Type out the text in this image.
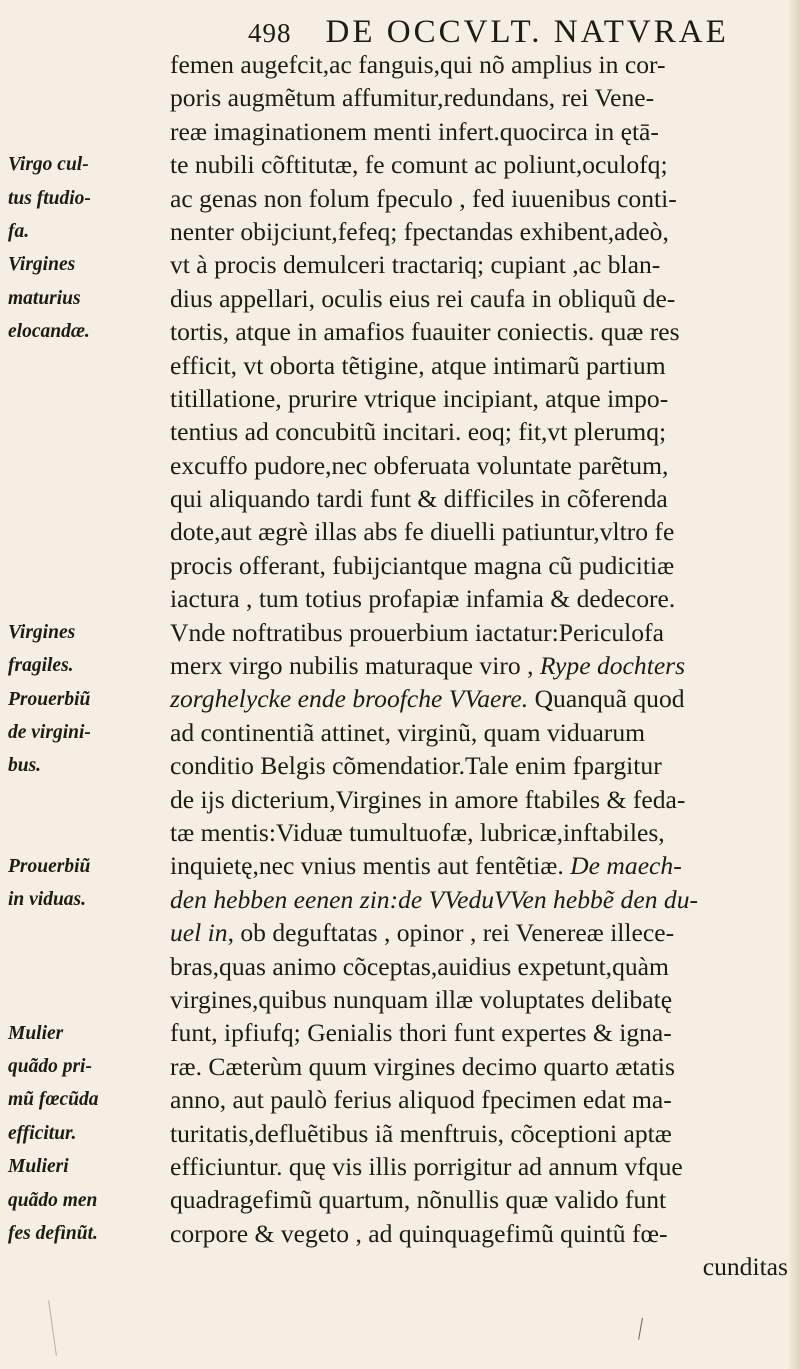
498 DE OCCVLT. NATVRAE
Virgo cul-
tus ftudio-
fa.
Virgines
maturius
elocandæ.
Virgines
fragiles.
Prouerbiũ
de virgini-
bus.
Prouerbiũ
in viduas.
Mulier
quãdo pri-
mũ fœcũda
efficitur.
Mulieri
quãdo men
fes defìnũt.
femen augefcit,ac fanguis,qui nõ amplius in cor-
poris augmẽtum affumitur,redundans, rei Vene-
reæ imaginationem menti infert.quocirca in ętā-
te nubili cõftitutæ, fe comunt ac poliunt,oculofq;
ac genas non folum fpeculo , fed iuuenibus conti-
nenter obijciunt,fefeq; fpectandas exhibent,adeò,
vt à procis demulceri tractariq; cupiant ,ac blan-
dius appellari, oculis eius rei caufa in obliquũ de-
tortis, atque in amafios fuauiter coniectis. quæ res
efficit, vt oborta tẽtigine, atque intimarũ partium
titillatione, prurire vtrique incipiant, atque impo-
tentius ad concubitũ incitari. eoq; fit,vt plerumq;
excuffo pudore,nec obferuata voluntate parẽtum,
qui aliquando tardi funt & difficiles in cõferenda
dote,aut ægrè illas abs fe diuelli patiuntur,vltro fe
procis offerant, fubijciantque magna cũ pudicitiæ
iactura , tum totius profapiæ infamia & dedecore.
Vnde noftratibus prouerbium iactatur:Periculofa
merx virgo nubilis maturaque viro , Rype dochters
zorghelycke ende broofche VVaere. Quanquã quod
ad continentiã attinet, virginũ, quam viduarum
conditio Belgis cõmendatior.Tale enim fpargitur
de ijs dicterium,Virgines in amore ftabiles & feda-
tæ mentis:Viduæ tumultuofæ, lubricæ,inftabiles,
inquietę,nec vnius mentis aut fentẽtiæ. De maech-
den hebben eenen zin:de VVeduVVen hebbẽ den du-
uel in, ob deguftatas , opinor , rei Venereæ illece-
bras,quas animo cõceptas,auidius expetunt,quàm
virgines,quibus nunquam illæ voluptates delibatę
funt, ipfiufq; Genialis thori funt expertes & igna-
ræ. Cæterùm quum virgines decimo quarto ætatis
anno, aut paulò ferius aliquod fpecimen edat ma-
turitatis,defluẽtibus iã menftruis, cõceptioni aptæ
efficiuntur. quę vis illis porrigitur ad annum vfque
quadragefimũ quartum, nõnullis quæ valido funt
corpore & vegeto , ad quinquagefimũ quintũ fœ-
cunditas
